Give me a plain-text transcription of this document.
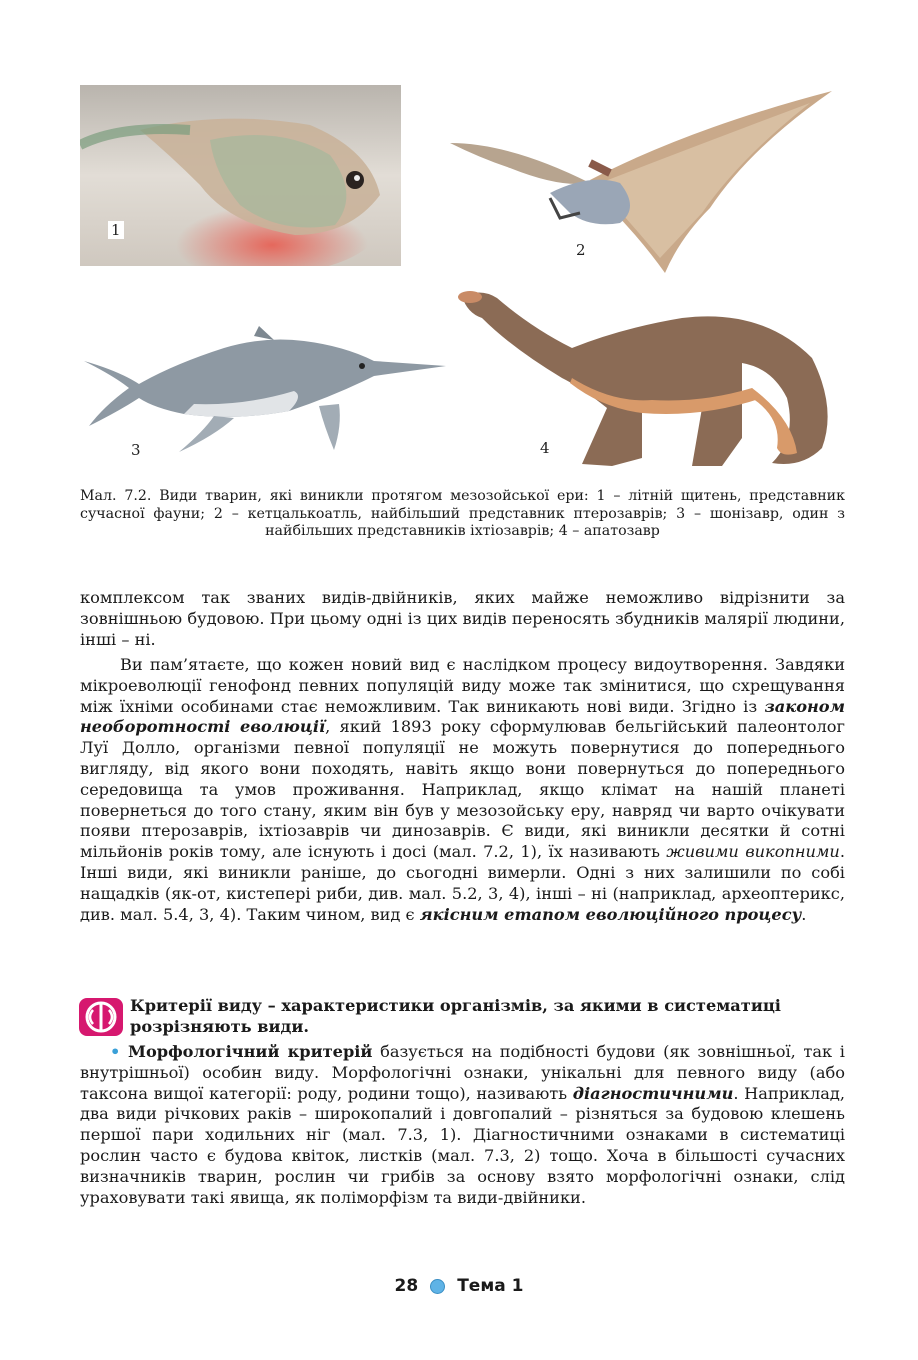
1
2
3	4
Мал. 7.2. Види тварин, які виникли протягом мезозойської ери: 1 – літній щитень, представник сучасної фауни; 2 – кетцалькоатль, найбільший представник птерозаврів; 3 – шонізавр, один з найбільших представників іхтіозаврів; 4 – апатозавр
комплексом так званих видів-двійників, яких майже неможливо відрізнити за зовнішньою будовою. При цьому одні із цих видів переносять збудників малярії людини, інші – ні.
Ви пам’ятаєте, що кожен новий вид є наслідком процесу видоутворення. Завдяки мікроеволюції генофонд певних популяцій виду може так змінитися, що схрещування між їхніми особинами стає неможливим. Так виникають нові види. Згідно із законом необоротності еволюції, який 1893 року сформулював бельгійський палеонтолог Луї Долло, організми певної популяції не можуть повернутися до попереднього вигляду, від якого вони походять, навіть якщо вони повернуться до попереднього середовища та умов проживання. Наприклад, якщо клімат на нашій планеті повернеться до того стану, яким він був у мезозойську еру, навряд чи варто очікувати появи птерозаврів, іхтіозаврів чи динозаврів. Є види, які виникли десятки й сотні мільйонів років тому, але існують і досі (мал. 7.2, 1), їх називають живими викопними. Інші види, які виникли раніше, до сьогодні вимерли. Одні з них залишили по собі нащадків (як-от, кистепері риби, див. мал. 5.2, 3, 4), інші – ні (наприклад, археоптерикс, див. мал. 5.4, 3, 4). Таким чином, вид є якісним етапом еволюційного процесу.
Критерії виду – характеристики організмів, за якими в систематиці розрізняють види.
• Морфологічний критерій базується на подібності будови (як зовнішньої, так і внутрішньої) особин виду. Морфологічні ознаки, унікальні для певного виду (або таксона вищої категорії: роду, родини тощо), називають діагностичними. Наприклад, два види річкових раків – широкопалий і довгопалий – різняться за будовою клешень першої пари ходильних ніг (мал. 7.3, 1). Діагностичними ознаками в систематиці рослин часто є будова квіток, листків (мал. 7.3, 2) тощо. Хоча в більшості сучасних визначників тварин, рослин чи грибів за основу взято морфологічні ознаки, слід ураховувати такі явища, як поліморфізм та види-двійники.
28 Тема 1
